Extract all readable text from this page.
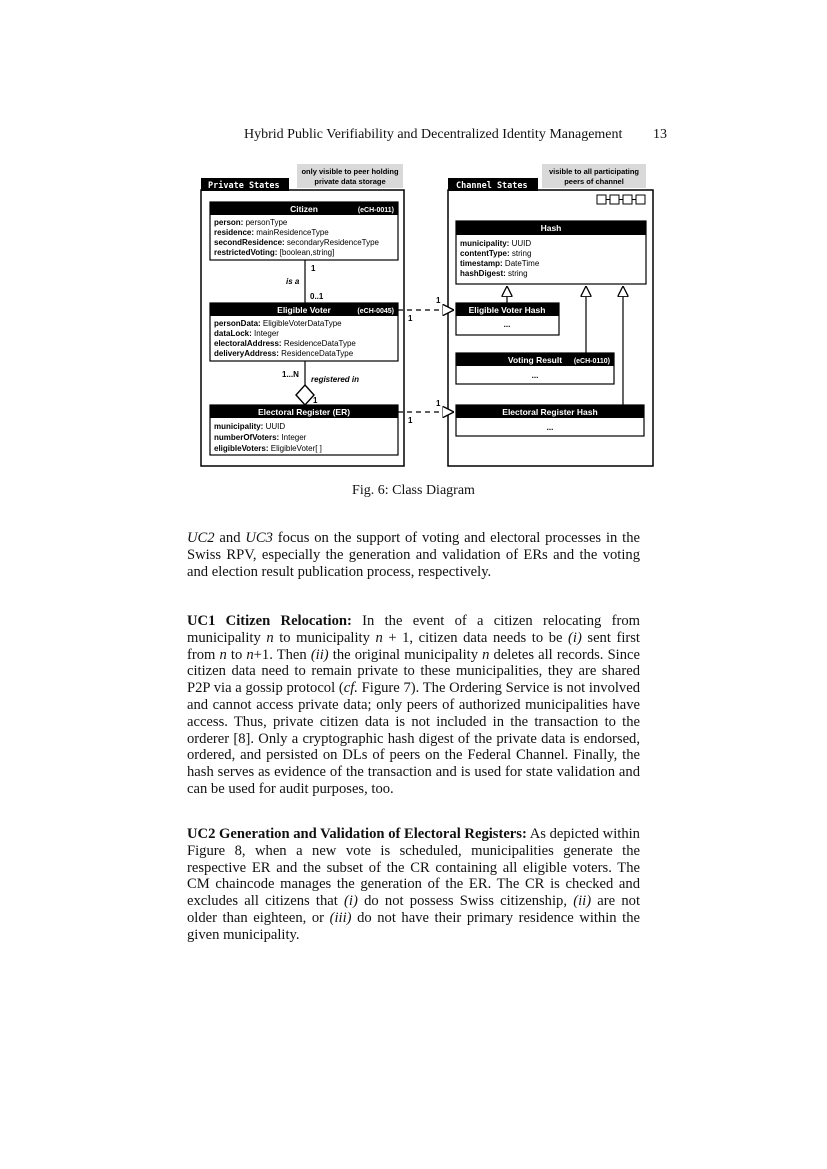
Hybrid Public Verifiability and Decentralized Identity Management 13
Private States
only visible to peer holding
private data storage	Channel States
visible to all participating
peers of channel
Citizen	(eCH-0011)
person: personType
residence: mainResidenceType
secondResidence: secondaryResidenceType
restrictedVoting: [boolean,string]
1
is a
0..1
Eligible Voter	(eCH-0045)
personData: EligibleVoterDataType
dataLock: Integer
electoralAddress: ResidenceDataType
deliveryAddress: ResidenceDataType
1...N
registered in
1
Electoral Register (ER)
municipality: UUID
numberOfVoters: Integer
eligibleVoters: EligibleVoter[ ]
Hash
municipality: UUID
contentType: string
timestamp: DateTime
hashDigest: string
Eligible Voter Hash
...
Voting Result (eCH-0110)
...
Electoral Register Hash
...
1
1
1
1
Fig. 6: Class Diagram

UC2 and UC3 focus on the support of voting and electoral processes in the Swiss RPV, especially the generation and validation of ERs and the voting and election result publication process, respectively.

UC1 Citizen Relocation: In the event of a citizen relocating from municipality n to municipality n + 1, citizen data needs to be (i) sent first from n to n+1. Then (ii) the original municipality n deletes all records. Since citizen data need to remain private to these municipalities, they are shared P2P via a gossip protocol (cf. Figure 7). The Ordering Service is not involved and cannot access private data; only peers of authorized municipalities have access. Thus, private citizen data is not included in the transaction to the orderer [8]. Only a cryptographic hash digest of the private data is endorsed, ordered, and persisted on DLs of peers on the Federal Channel. Finally, the hash serves as evidence of the transaction and is used for state validation and can be used for audit purposes, too.

UC2 Generation and Validation of Electoral Registers: As depicted within Figure 8, when a new vote is scheduled, municipalities generate the respective ER and the subset of the CR containing all eligible voters. The CM chaincode manages the generation of the ER. The CR is checked and excludes all citizens that (i) do not possess Swiss citizenship, (ii) are not older than eighteen, or (iii) do not have their primary residence within the given municipality.
